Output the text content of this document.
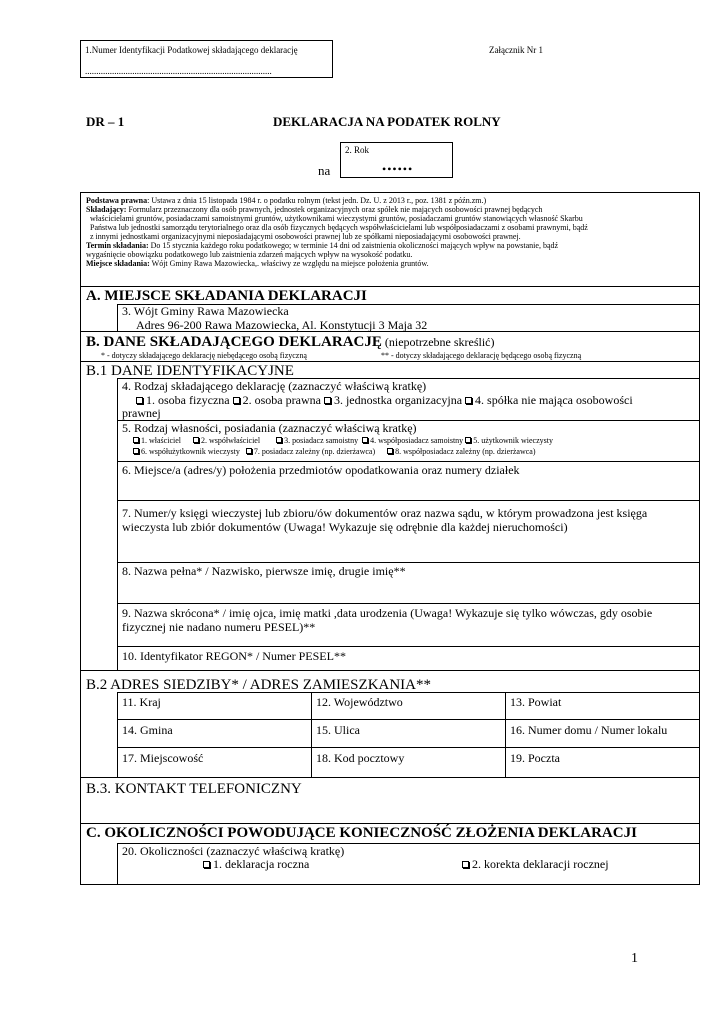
1.Numer Identyfikacji Podatkowej składającego deklarację
...................................................................................
Załącznik Nr 1
DR – 1	DEKLARACJA NA PODATEK ROLNY
2. Rok
••••••
na
Podstawa prawna: Ustawa z dnia 15 listopada 1984 r. o podatku rolnym (tekst jedn. Dz. U. z 2013 r., poz. 1381 z późn.zm.)
Składający: Formularz przeznaczony dla osób prawnych, jednostek organizacyjnych oraz spółek nie mających osobowości prawnej będących
właścicielami gruntów, posiadaczami samoistnymi gruntów, użytkownikami wieczystymi gruntów, posiadaczami gruntów stanowiących własność Skarbu
Państwa lub jednostki samorządu terytorialnego oraz dla osób fizycznych będących współwłaścicielami lub współposiadaczami z osobami prawnymi, bądź
z innymi jednostkami organizacyjnymi nieposiadającymi osobowości prawnej lub ze spółkami nieposiadającymi osobowości prawnej.
Termin składania: Do 15 stycznia każdego roku podatkowego; w terminie 14 dni od zaistnienia okoliczności mających wpływ na powstanie, bądź
wygaśnięcie obowiązku podatkowego lub zaistnienia zdarzeń mających wpływ na wysokość podatku.
Miejsce składania: Wójt Gminy Rawa Mazowiecka,. właściwy ze względu na miejsce położenia gruntów.
A. MIEJSCE SKŁADANIA DEKLARACJI
3. Wójt Gminy Rawa Mazowiecka
Adres 96-200 Rawa Mazowiecka, Al. Konstytucji 3 Maja 32
B. DANE SKŁADAJĄCEGO DEKLARACJĘ (niepotrzebne skreślić)
* - dotyczy składającego deklarację niebędącego osobą fizyczną	** - dotyczy składającego deklarację będącego osobą fizyczną
B.1 DANE IDENTYFIKACYJNE
4. Rodzaj składającego deklarację (zaznaczyć właściwą kratkę)
1. osoba fizyczna 2. osoba prawna 3. jednostka organizacyjna 4. spółka nie mająca osobowości
prawnej
5. Rodzaj własności, posiadania (zaznaczyć właściwą kratkę)
1. właściciel	2. współwłaściciel	3. posiadacz samoistny 4. współposiadacz samoistny 5. użytkownik wieczysty
6. współużytkownik wieczysty 7. posiadacz zależny (np. dzierżawca)	8. współposiadacz zależny (np. dzierżawca)
6. Miejsce/a (adres/y) położenia przedmiotów opodatkowania oraz numery działek
7. Numer/y księgi wieczystej lub zbioru/ów dokumentów oraz nazwa sądu, w którym prowadzona jest księga
wieczysta lub zbiór dokumentów (Uwaga! Wykazuje się odrębnie dla każdej nieruchomości)
8. Nazwa pełna* / Nazwisko, pierwsze imię, drugie imię**
9. Nazwa skrócona* / imię ojca, imię matki ,data urodzenia (Uwaga! Wykazuje się tylko wówczas, gdy osobie
fizycznej nie nadano numeru PESEL)**
10. Identyfikator REGON* / Numer PESEL**
B.2 ADRES SIEDZIBY* / ADRES ZAMIESZKANIA**
11. Kraj	12. Województwo	13. Powiat
14. Gmina	15. Ulica	16. Numer domu / Numer lokalu
17. Miejscowość	18. Kod pocztowy	19. Poczta
B.3. KONTAKT TELEFONICZNY
C. OKOLICZNOŚCI POWODUJĄCE KONIECZNOŚĆ ZŁOŻENIA DEKLARACJI
20. Okoliczności (zaznaczyć właściwą kratkę)
1. deklaracja roczna	2. korekta deklaracji rocznej
1
